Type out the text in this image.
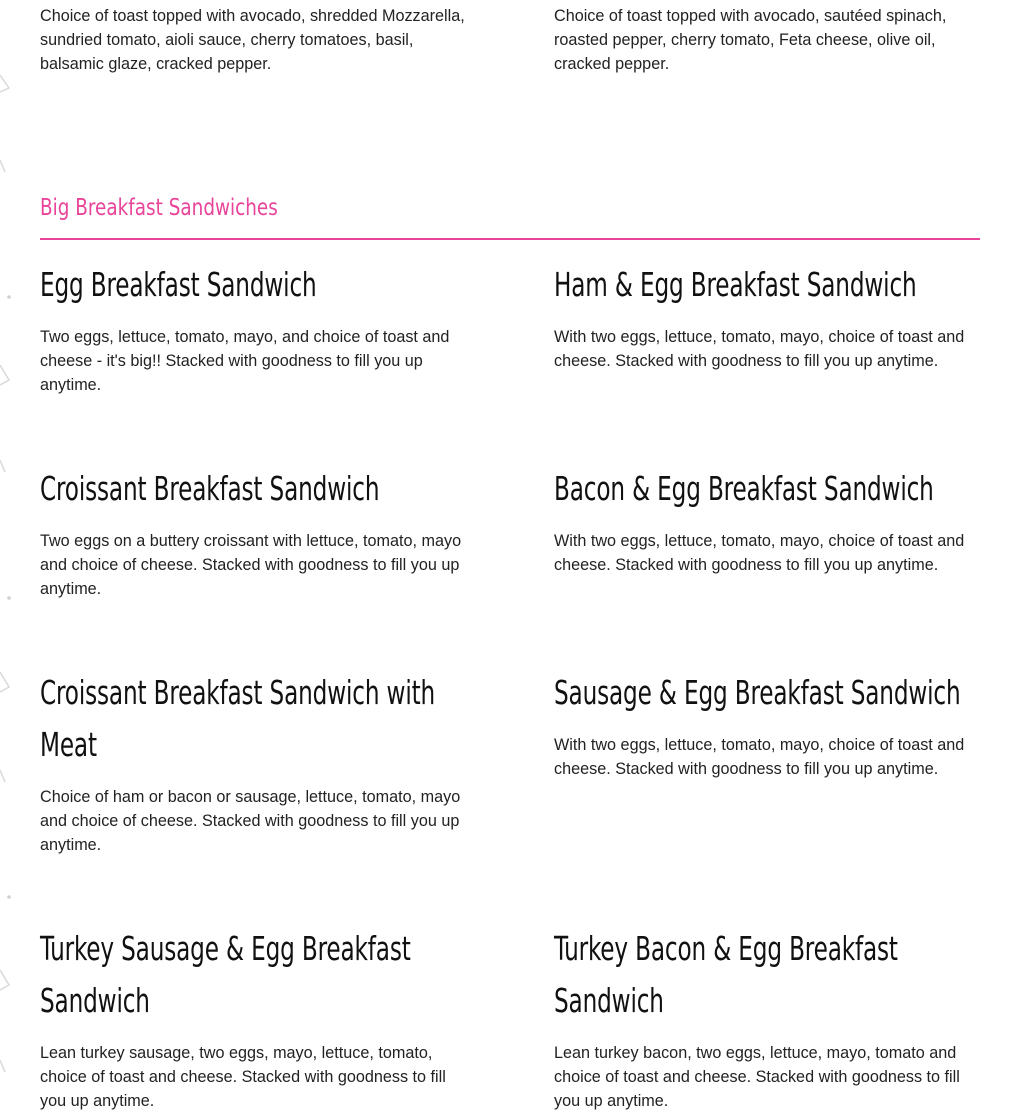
Choice of toast topped with avocado, shredded Mozzarella, sundried tomato, aioli sauce, cherry tomatoes, basil, balsamic glaze, cracked pepper.

Choice of toast topped with avocado, sautéed spinach, roasted pepper, cherry tomato, Feta cheese, olive oil, cracked pepper.

Big Breakfast Sandwiches
Egg Breakfast Sandwich

Two eggs, lettuce, tomato, mayo, and choice of toast and cheese - it's big!! Stacked with goodness to fill you up anytime.

Ham & Egg Breakfast Sandwich

With two eggs, lettuce, tomato, mayo, choice of toast and cheese. Stacked with goodness to fill you up anytime.

Croissant Breakfast Sandwich

Two eggs on a buttery croissant with lettuce, tomato, mayo and choice of cheese. Stacked with goodness to fill you up anytime.

Bacon & Egg Breakfast Sandwich

With two eggs, lettuce, tomato, mayo, choice of toast and cheese. Stacked with goodness to fill you up anytime.

Croissant Breakfast Sandwich with Meat

Choice of ham or bacon or sausage, lettuce, tomato, mayo and choice of cheese. Stacked with goodness to fill you up anytime.

Sausage & Egg Breakfast Sandwich

With two eggs, lettuce, tomato, mayo, choice of toast and cheese. Stacked with goodness to fill you up anytime.

Turkey Sausage & Egg Breakfast Sandwich

Lean turkey sausage, two eggs, mayo, lettuce, tomato, choice of toast and cheese. Stacked with goodness to fill you up anytime.

Turkey Bacon & Egg Breakfast Sandwich

Lean turkey bacon, two eggs, lettuce, mayo, tomato and choice of toast and cheese. Stacked with goodness to fill you up anytime.
